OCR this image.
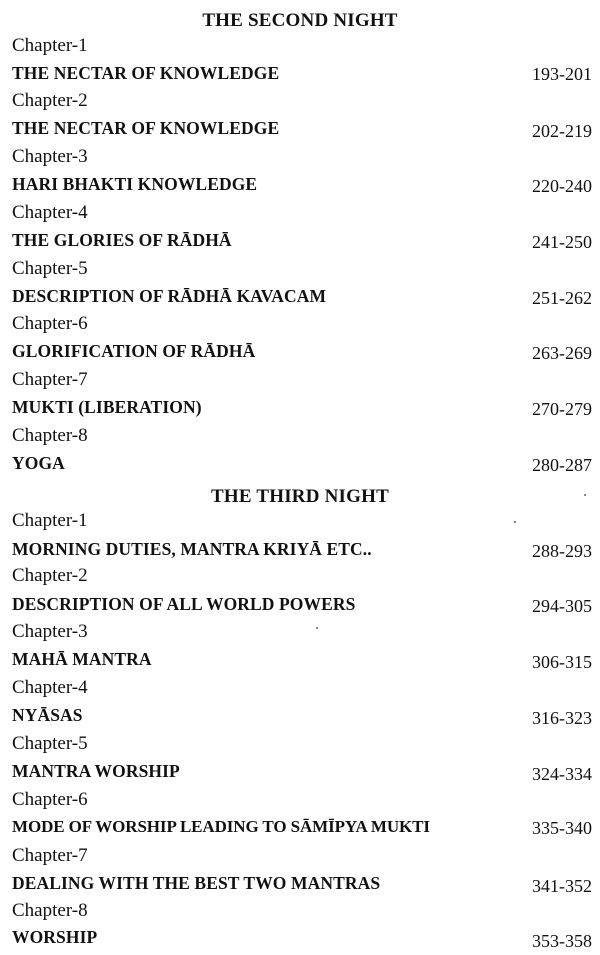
THE SECOND NIGHT
Chapter-1
THE NECTAR OF KNOWLEDGE	193-201
Chapter-2
THE NECTAR OF KNOWLEDGE	202-219
Chapter-3
HARI BHAKTI KNOWLEDGE	220-240
Chapter-4
THE GLORIES OF RĀDHĀ	241-250
Chapter-5
DESCRIPTION OF RĀDHĀ KAVACAM	251-262
Chapter-6
GLORIFICATION OF RĀDHĀ	263-269
Chapter-7
MUKTI (LIBERATION)	270-279
Chapter-8
YOGA	280-287
THE THIRD NIGHT
Chapter-1
MORNING DUTIES, MANTRA KRIYĀ ETC..	288-293
Chapter-2
DESCRIPTION OF ALL WORLD POWERS	294-305
Chapter-3
MAHĀ MANTRA	306-315
Chapter-4
NYĀSAS	316-323
Chapter-5
MANTRA WORSHIP	324-334
Chapter-6
MODE OF WORSHIP LEADING TO SĀMĪPYA MUKTI	335-340
Chapter-7
DEALING WITH THE BEST TWO MANTRAS	341-352
Chapter-8
WORSHIP	353-358
